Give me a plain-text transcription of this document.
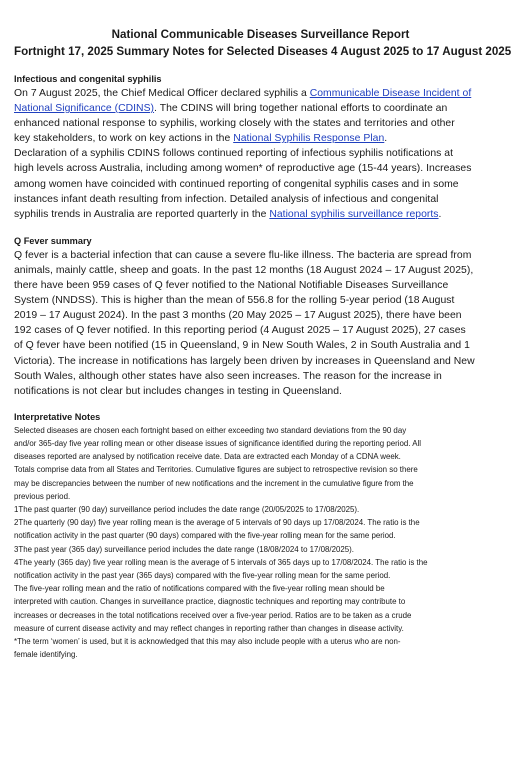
National Communicable Diseases Surveillance Report
Fortnight 17, 2025 Summary Notes for Selected Diseases 4 August 2025 to 17 August 2025
Infectious and congenital syphilis

On 7 August 2025, the Chief Medical Officer declared syphilis a Communicable Disease Incident of
National Significance (CDINS). The CDINS will bring together national efforts to coordinate an
enhanced national response to syphilis, working closely with the states and territories and other
key stakeholders, to work on key actions in the National Syphilis Response Plan.

Declaration of a syphilis CDINS follows continued reporting of infectious syphilis notifications at
high levels across Australia, including among women* of reproductive age (15-44 years). Increases
among women have coincided with continued reporting of congenital syphilis cases and in some
instances infant death resulting from infection. Detailed analysis of infectious and congenital
syphilis trends in Australia are reported quarterly in the National syphilis surveillance reports.

Q Fever summary

Q fever is a bacterial infection that can cause a severe flu-like illness. The bacteria are spread from
animals, mainly cattle, sheep and goats. In the past 12 months (18 August 2024 – 17 August 2025),
there have been 959 cases of Q fever notified to the National Notifiable Diseases Surveillance
System (NNDSS). This is higher than the mean of 556.8 for the rolling 5-year period (18 August
2019 – 17 August 2024). In the past 3 months (20 May 2025 – 17 August 2025), there have been
192 cases of Q fever notified. In this reporting period (4 August 2025 – 17 August 2025), 27 cases
of Q fever have been notified (15 in Queensland, 9 in New South Wales, 2 in South Australia and 1
Victoria). The increase in notifications has largely been driven by increases in Queensland and New
South Wales, although other states have also seen increases. The reason for the increase in
notifications is not clear but includes changes in testing in Queensland.

Interpretative Notes

Selected diseases are chosen each fortnight based on either exceeding two standard deviations from the 90 day
and/or 365-day five year rolling mean or other disease issues of significance identified during the reporting period. All
diseases reported are analysed by notification receive date. Data are extracted each Monday of a CDNA week.

Totals comprise data from all States and Territories. Cumulative figures are subject to retrospective revision so there
may be discrepancies between the number of new notifications and the increment in the cumulative figure from the
previous period.

1The past quarter (90 day) surveillance period includes the date range (20/05/2025 to 17/08/2025).

2The quarterly (90 day) five year rolling mean is the average of 5 intervals of 90 days up 17/08/2024. The ratio is the
notification activity in the past quarter (90 days) compared with the five-year rolling mean for the same period.

3The past year (365 day) surveillance period includes the date range (18/08/2024 to 17/08/2025).

4The yearly (365 day) five year rolling mean is the average of 5 intervals of 365 days up to 17/08/2024. The ratio is the
notification activity in the past year (365 days) compared with the five-year rolling mean for the same period.

The five-year rolling mean and the ratio of notifications compared with the five-year rolling mean should be
interpreted with caution. Changes in surveillance practice, diagnostic techniques and reporting may contribute to
increases or decreases in the total notifications received over a five-year period. Ratios are to be taken as a crude
measure of current disease activity and may reflect changes in reporting rather than changes in disease activity.

*The term ‘women’ is used, but it is acknowledged that this may also include people with a uterus who are non-
female identifying.
